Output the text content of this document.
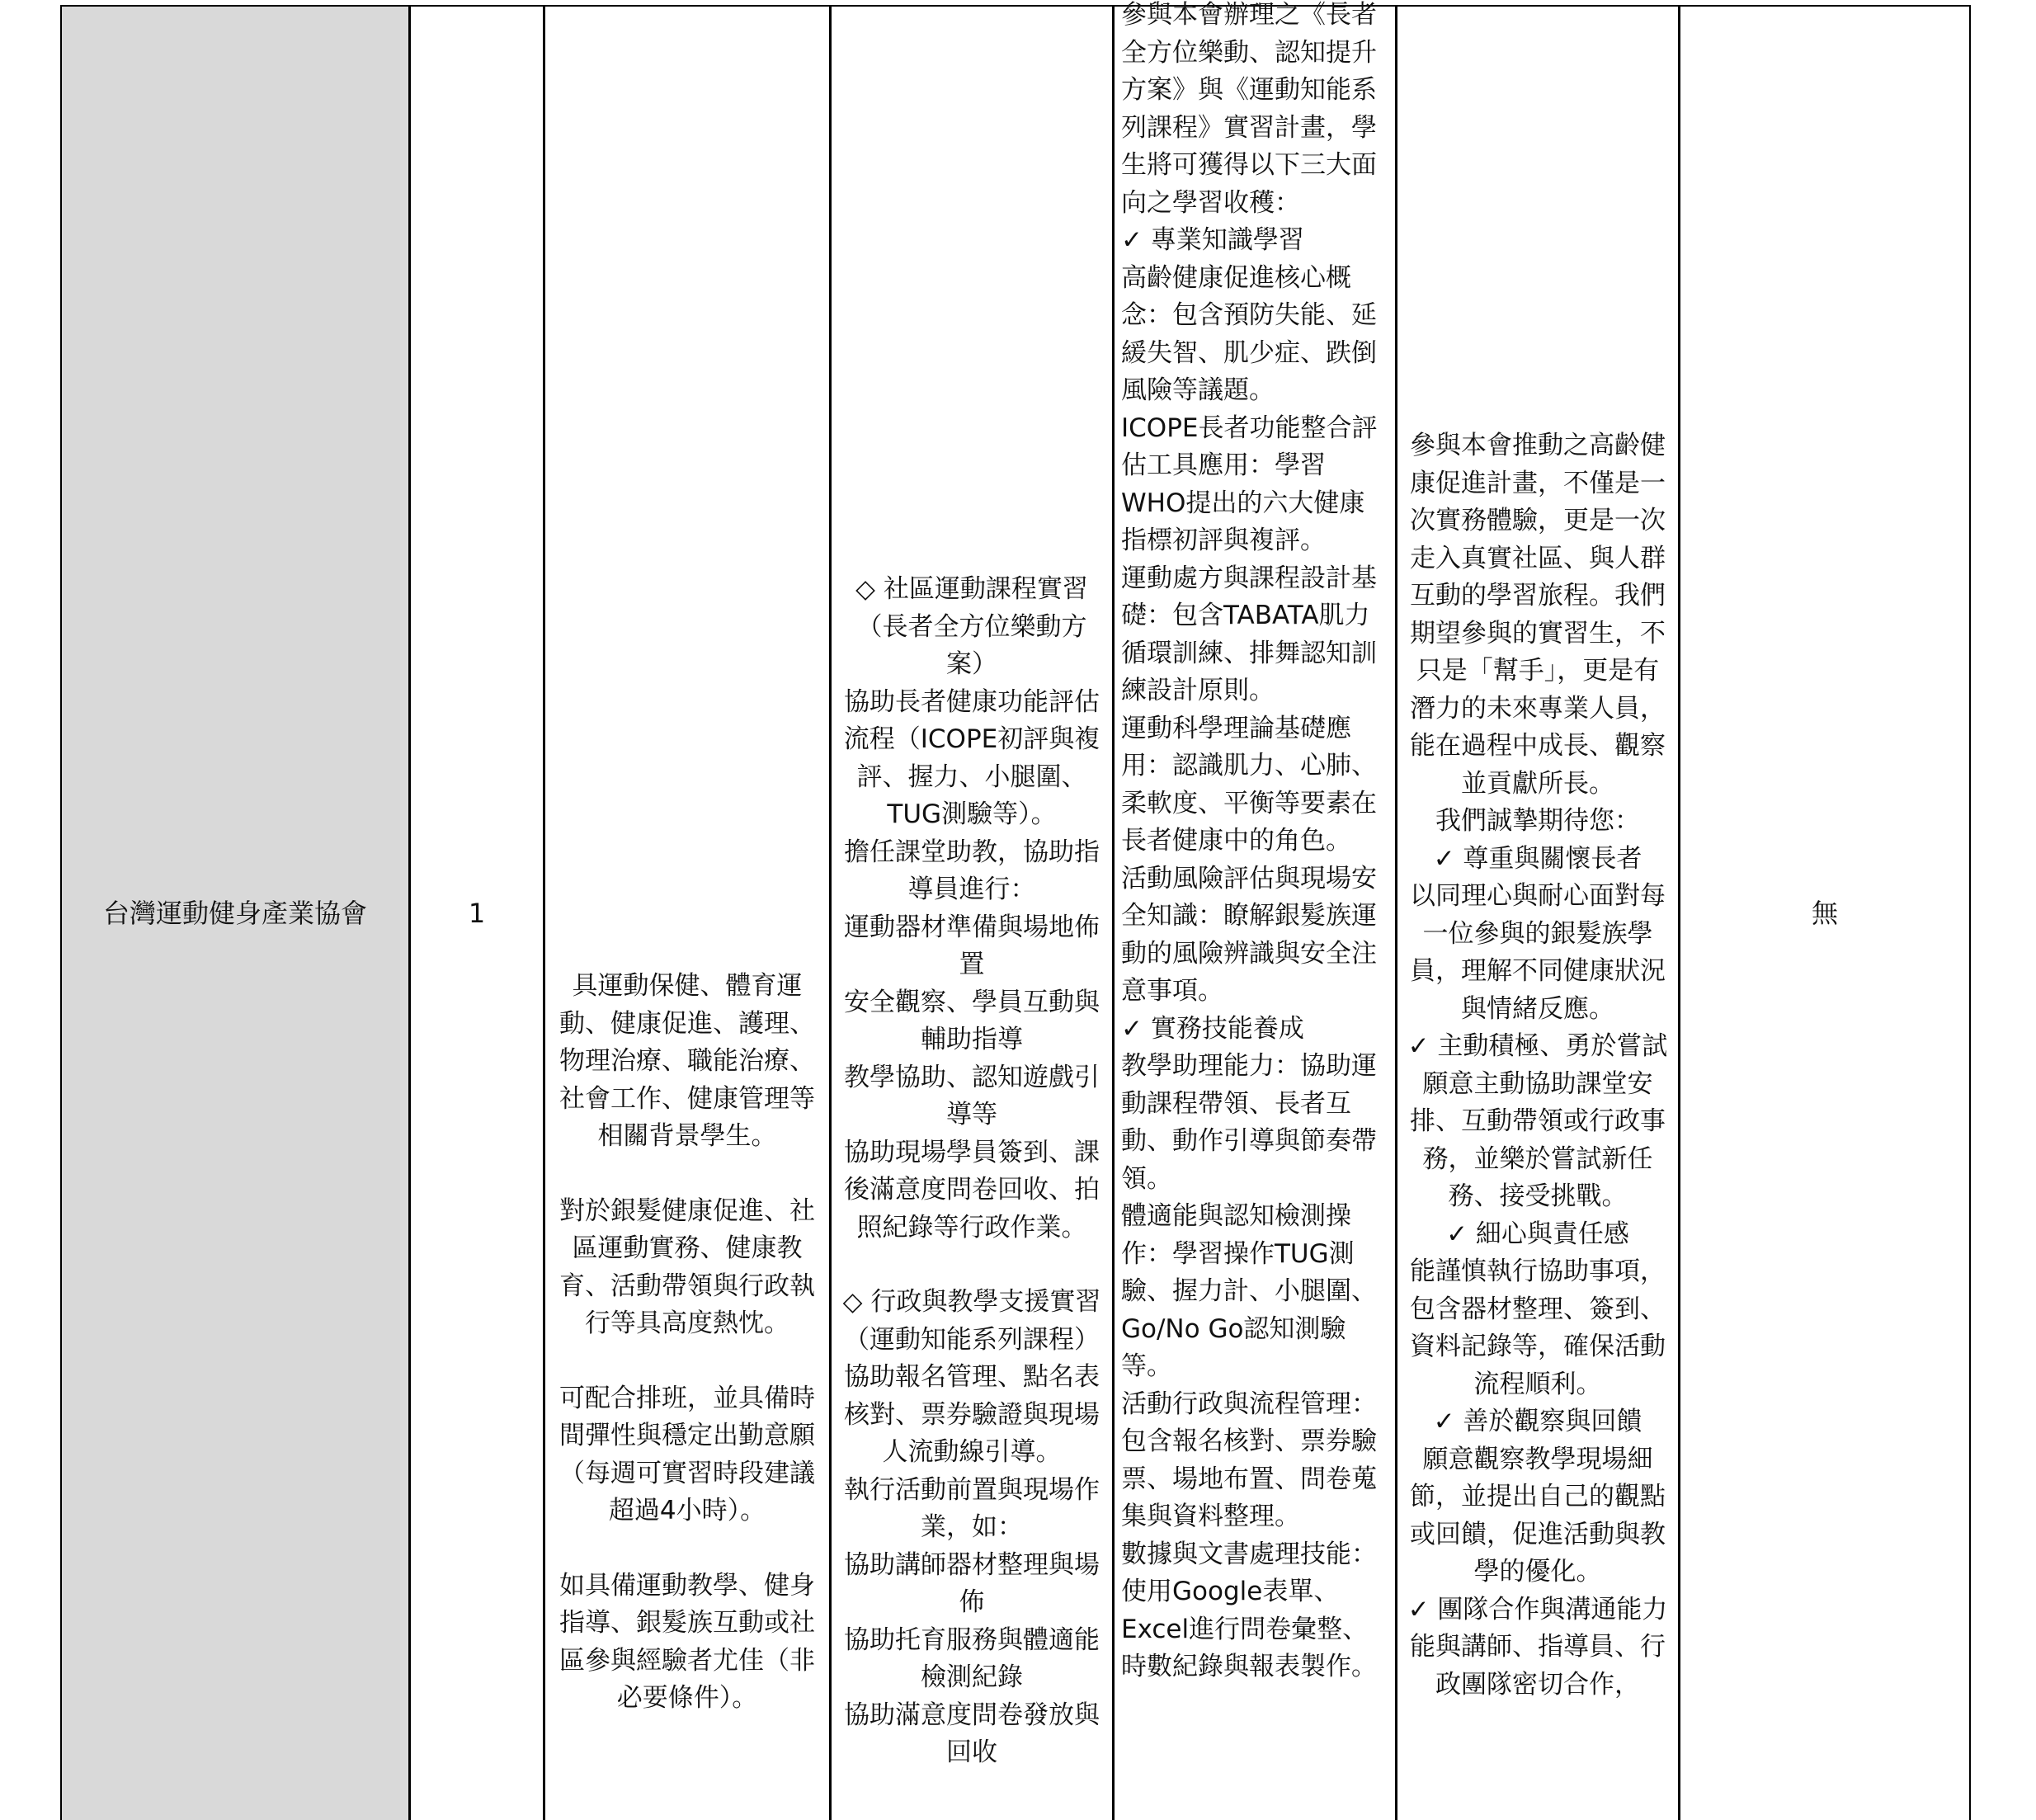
台灣運動健身產業協會	1

具運動保健、體育運動、健康促進、護理、物理治療、職能治療、社會工作、健康管理等相關背景學生。

對於銀髮健康促進、社區運動實務、健康教育、活動帶領與行政執行等具高度熱忱。

可配合排班，並具備時間彈性與穩定出勤意願（每週可實習時段建議超過4小時）。

如具備運動教學、健身指導、銀髮族互動或社區參與經驗者尤佳（非必要條件）。

◇ 社區運動課程實習（長者全方位樂動方案）

協助長者健康功能評估流程（ICOPE初評與複評、握力、小腿圍、TUG測驗等）。

擔任課堂助教，協助指導員進行：

運動器材準備與場地佈置

安全觀察、學員互動與輔助指導

教學協助、認知遊戲引導等

協助現場學員簽到、課後滿意度問卷回收、拍照紀錄等行政作業。

◇ 行政與教學支援實習（運動知能系列課程）

協助報名管理、點名表核對、票券驗證與現場人流動線引導。

執行活動前置與現場作業，如：

協助講師器材整理與場佈

協助托育服務與體適能檢測紀錄

協助滿意度問卷發放與回收

參與本會辦理之《長者全方位樂動、認知提升方案》與《運動知能系列課程》實習計畫，學生將可獲得以下三大面向之學習收穫：

✓ 專業知識學習

高齡健康促進核心概念：包含預防失能、延緩失智、肌少症、跌倒風險等議題。

ICOPE長者功能整合評估工具應用：學習WHO提出的六大健康指標初評與複評。

運動處方與課程設計基礎：包含TABATA肌力循環訓練、排舞認知訓練設計原則。

運動科學理論基礎應用：認識肌力、心肺、柔軟度、平衡等要素在長者健康中的角色。

活動風險評估與現場安全知識：瞭解銀髮族運動的風險辨識與安全注意事項。

✓ 實務技能養成

教學助理能力：協助運動課程帶領、長者互動、動作引導與節奏帶領。

體適能與認知檢測操作：學習操作TUG測驗、握力計、小腿圍、Go/No Go認知測驗等。

活動行政與流程管理：包含報名核對、票券驗票、場地布置、問卷蒐集與資料整理。

數據與文書處理技能：使用Google表單、Excel進行問卷彙整、時數紀錄與報表製作。

參與本會推動之高齡健康促進計畫，不僅是一次實務體驗，更是一次走入真實社區、與人群互動的學習旅程。我們期望參與的實習生，不只是「幫手」，更是有潛力的未來專業人員，能在過程中成長、觀察並貢獻所長。

我們誠摯期待您：

✓ 尊重與關懷長者

以同理心與耐心面對每一位參與的銀髮族學員，理解不同健康狀況與情緒反應。

✓ 主動積極、勇於嘗試

願意主動協助課堂安排、互動帶領或行政事務，並樂於嘗試新任務、接受挑戰。

✓ 細心與責任感

能謹慎執行協助事項，包含器材整理、簽到、資料記錄等，確保活動流程順利。

✓ 善於觀察與回饋

願意觀察教學現場細節，並提出自己的觀點或回饋，促進活動與教學的優化。

✓ 團隊合作與溝通能力

能與講師、指導員、行政團隊密切合作，

無
